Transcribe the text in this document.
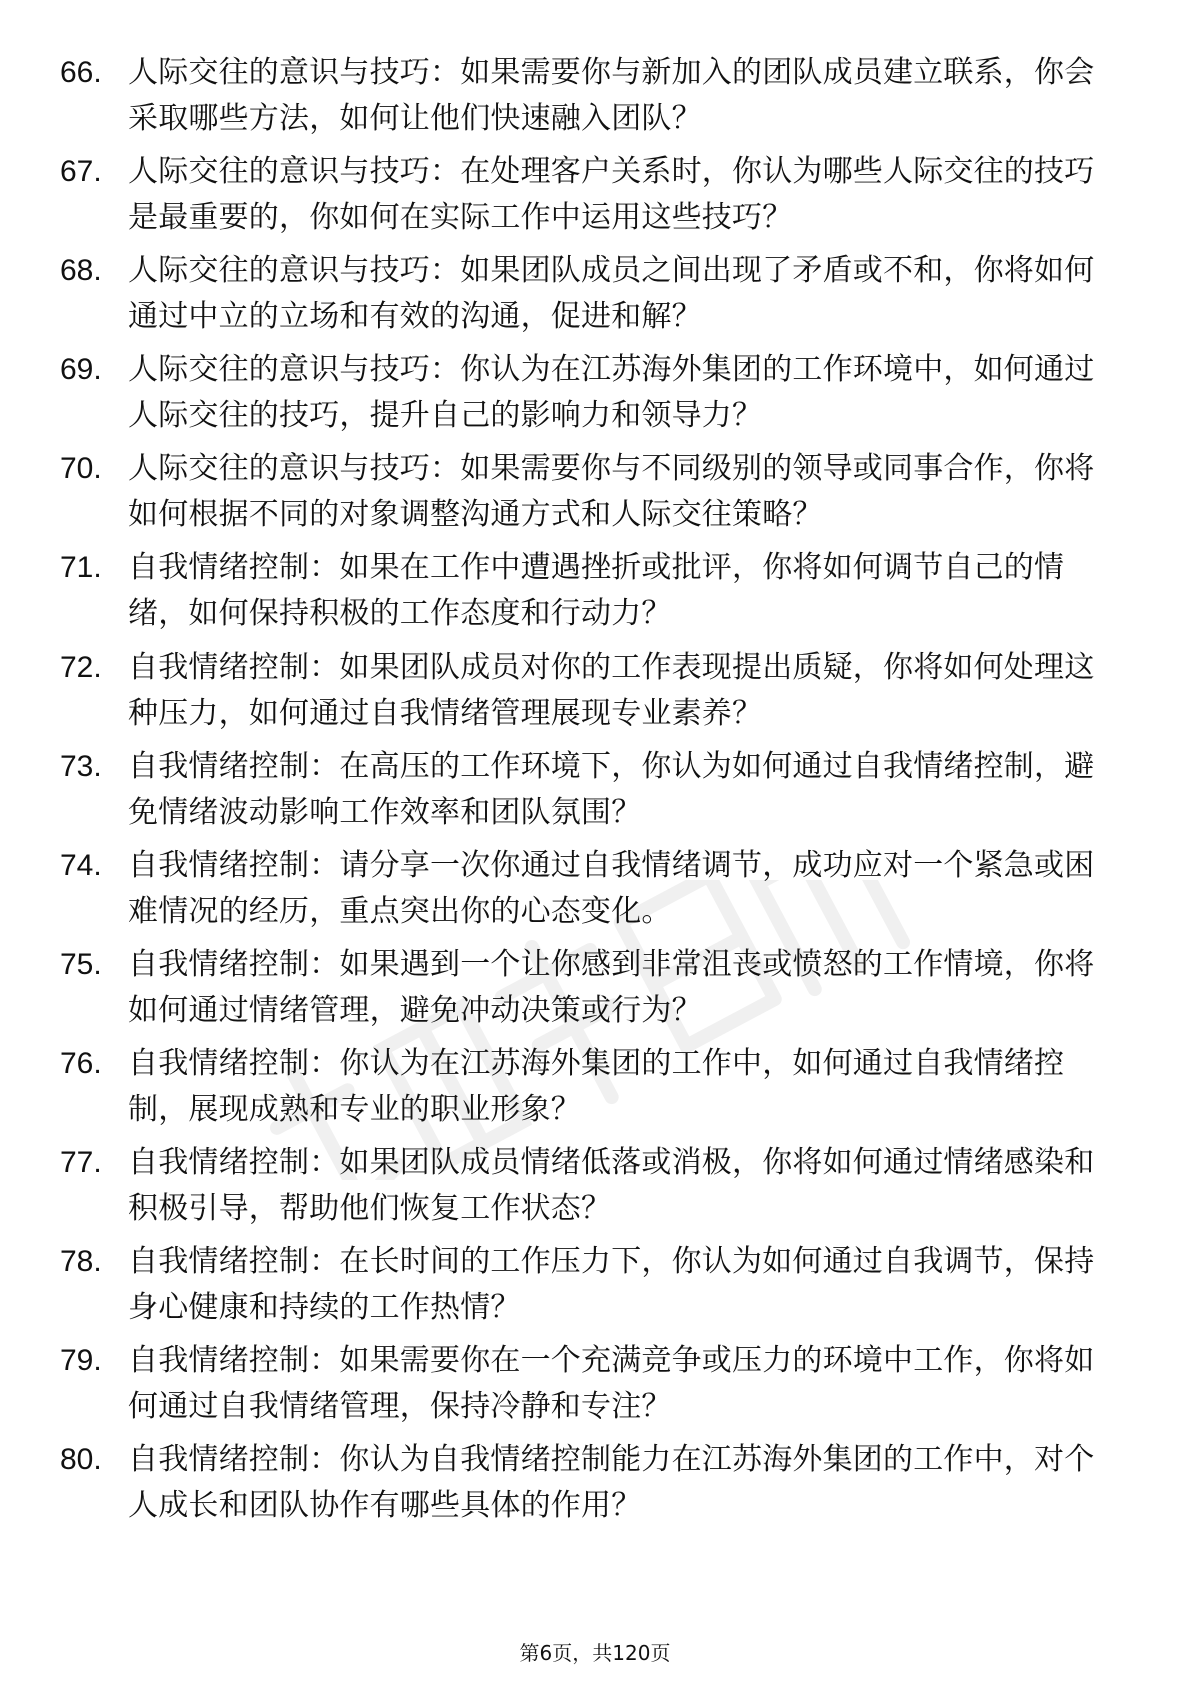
66. 人际交往的意识与技巧：如果需要你与新加入的团队成员建立联系，你会采取哪些方法，如何让他们快速融入团队？
67. 人际交往的意识与技巧：在处理客户关系时，你认为哪些人际交往的技巧是最重要的，你如何在实际工作中运用这些技巧？
68. 人际交往的意识与技巧：如果团队成员之间出现了矛盾或不和，你将如何通过中立的立场和有效的沟通，促进和解？
69. 人际交往的意识与技巧：你认为在江苏海外集团的工作环境中，如何通过人际交往的技巧，提升自己的影响力和领导力？
70. 人际交往的意识与技巧：如果需要你与不同级别的领导或同事合作，你将如何根据不同的对象调整沟通方式和人际交往策略？
71. 自我情绪控制：如果在工作中遭遇挫折或批评，你将如何调节自己的情绪，如何保持积极的工作态度和行动力？
72. 自我情绪控制：如果团队成员对你的工作表现提出质疑，你将如何处理这种压力，如何通过自我情绪管理展现专业素养？
73. 自我情绪控制：在高压的工作环境下，你认为如何通过自我情绪控制，避免情绪波动影响工作效率和团队氛围？
74. 自我情绪控制：请分享一次你通过自我情绪调节，成功应对一个紧急或困难情况的经历，重点突出你的心态变化。
75. 自我情绪控制：如果遇到一个让你感到非常沮丧或愤怒的工作情境，你将如何通过情绪管理，避免冲动决策或行为？
76. 自我情绪控制：你认为在江苏海外集团的工作中，如何通过自我情绪控制，展现成熟和专业的职业形象？
77. 自我情绪控制：如果团队成员情绪低落或消极，你将如何通过情绪感染和积极引导，帮助他们恢复工作状态？
78. 自我情绪控制：在长时间的工作压力下，你认为如何通过自我调节，保持身心健康和持续的工作热情？
79. 自我情绪控制：如果需要你在一个充满竞争或压力的环境中工作，你将如何通过自我情绪管理，保持冷静和专注？
80. 自我情绪控制：你认为自我情绪控制能力在江苏海外集团的工作中，对个人成长和团队协作有哪些具体的作用？
第6页，共120页
